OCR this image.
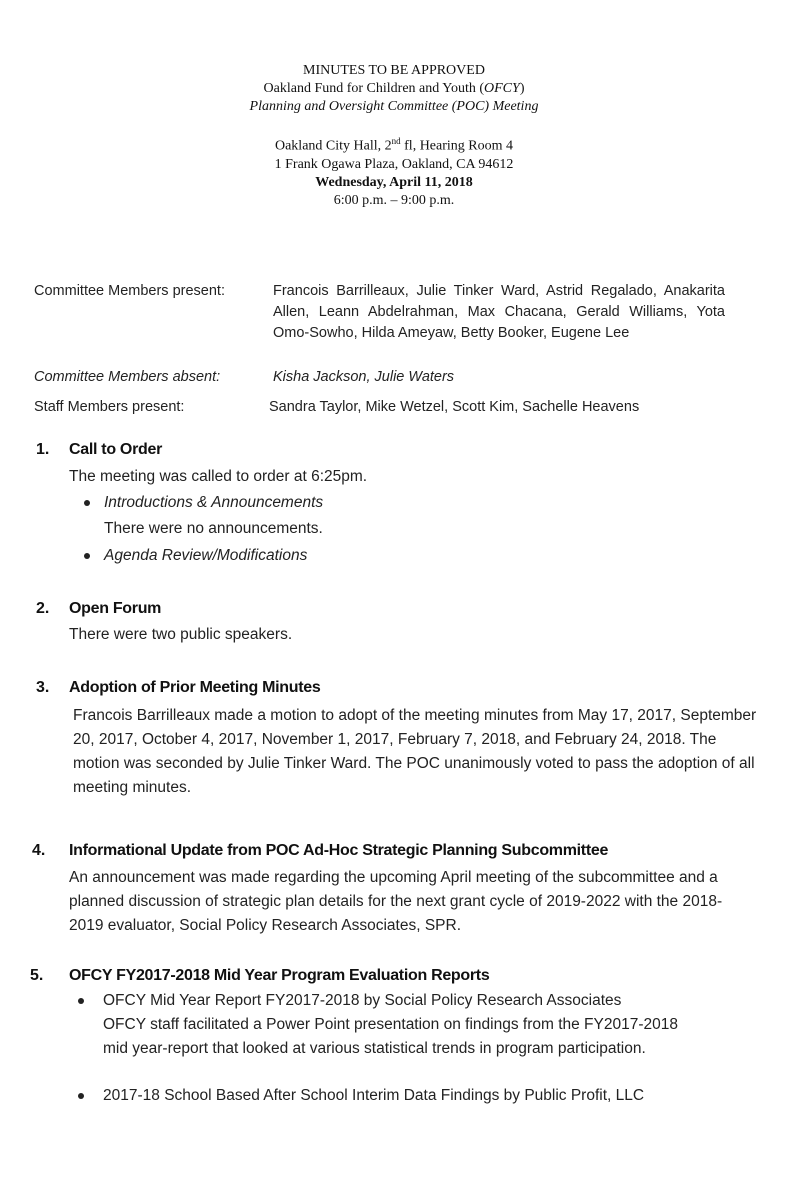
MINUTES TO BE APPROVED
Oakland Fund for Children and Youth (OFCY)
Planning and Oversight Committee (POC) Meeting
Oakland City Hall, 2nd fl, Hearing Room 4
1 Frank Ogawa Plaza, Oakland, CA 94612
Wednesday, April 11, 2018
6:00 p.m. – 9:00 p.m.
Committee Members present:	Francois Barrilleaux, Julie Tinker Ward, Astrid Regalado, Anakarita Allen, Leann Abdelrahman, Max Chacana, Gerald Williams, Yota Omo-Sowho, Hilda Ameyaw, Betty Booker, Eugene Lee
Committee Members absent:	Kisha Jackson, Julie Waters
Staff Members present:	Sandra Taylor, Mike Wetzel, Scott Kim, Sachelle Heavens
1. Call to Order
The meeting was called to order at 6:25pm.
Introductions & Announcements
There were no announcements.
Agenda Review/Modifications
2. Open Forum
There were two public speakers.
3. Adoption of Prior Meeting Minutes
Francois Barrilleaux made a motion to adopt of the meeting minutes from May 17, 2017, September 20, 2017, October 4, 2017, November 1, 2017, February 7, 2018, and February 24, 2018. The motion was seconded by Julie Tinker Ward. The POC unanimously voted to pass the adoption of all meeting minutes.
4. Informational Update from POC Ad-Hoc Strategic Planning Subcommittee
An announcement was made regarding the upcoming April meeting of the subcommittee and a planned discussion of strategic plan details for the next grant cycle of 2019-2022 with the 2018-2019 evaluator, Social Policy Research Associates, SPR.
5. OFCY FY2017-2018 Mid Year Program Evaluation Reports
OFCY Mid Year Report FY2017-2018 by Social Policy Research Associates
OFCY staff facilitated a Power Point presentation on findings from the FY2017-2018
mid year-report that looked at various statistical trends in program participation.
2017-18 School Based After School Interim Data Findings by Public Profit, LLC
